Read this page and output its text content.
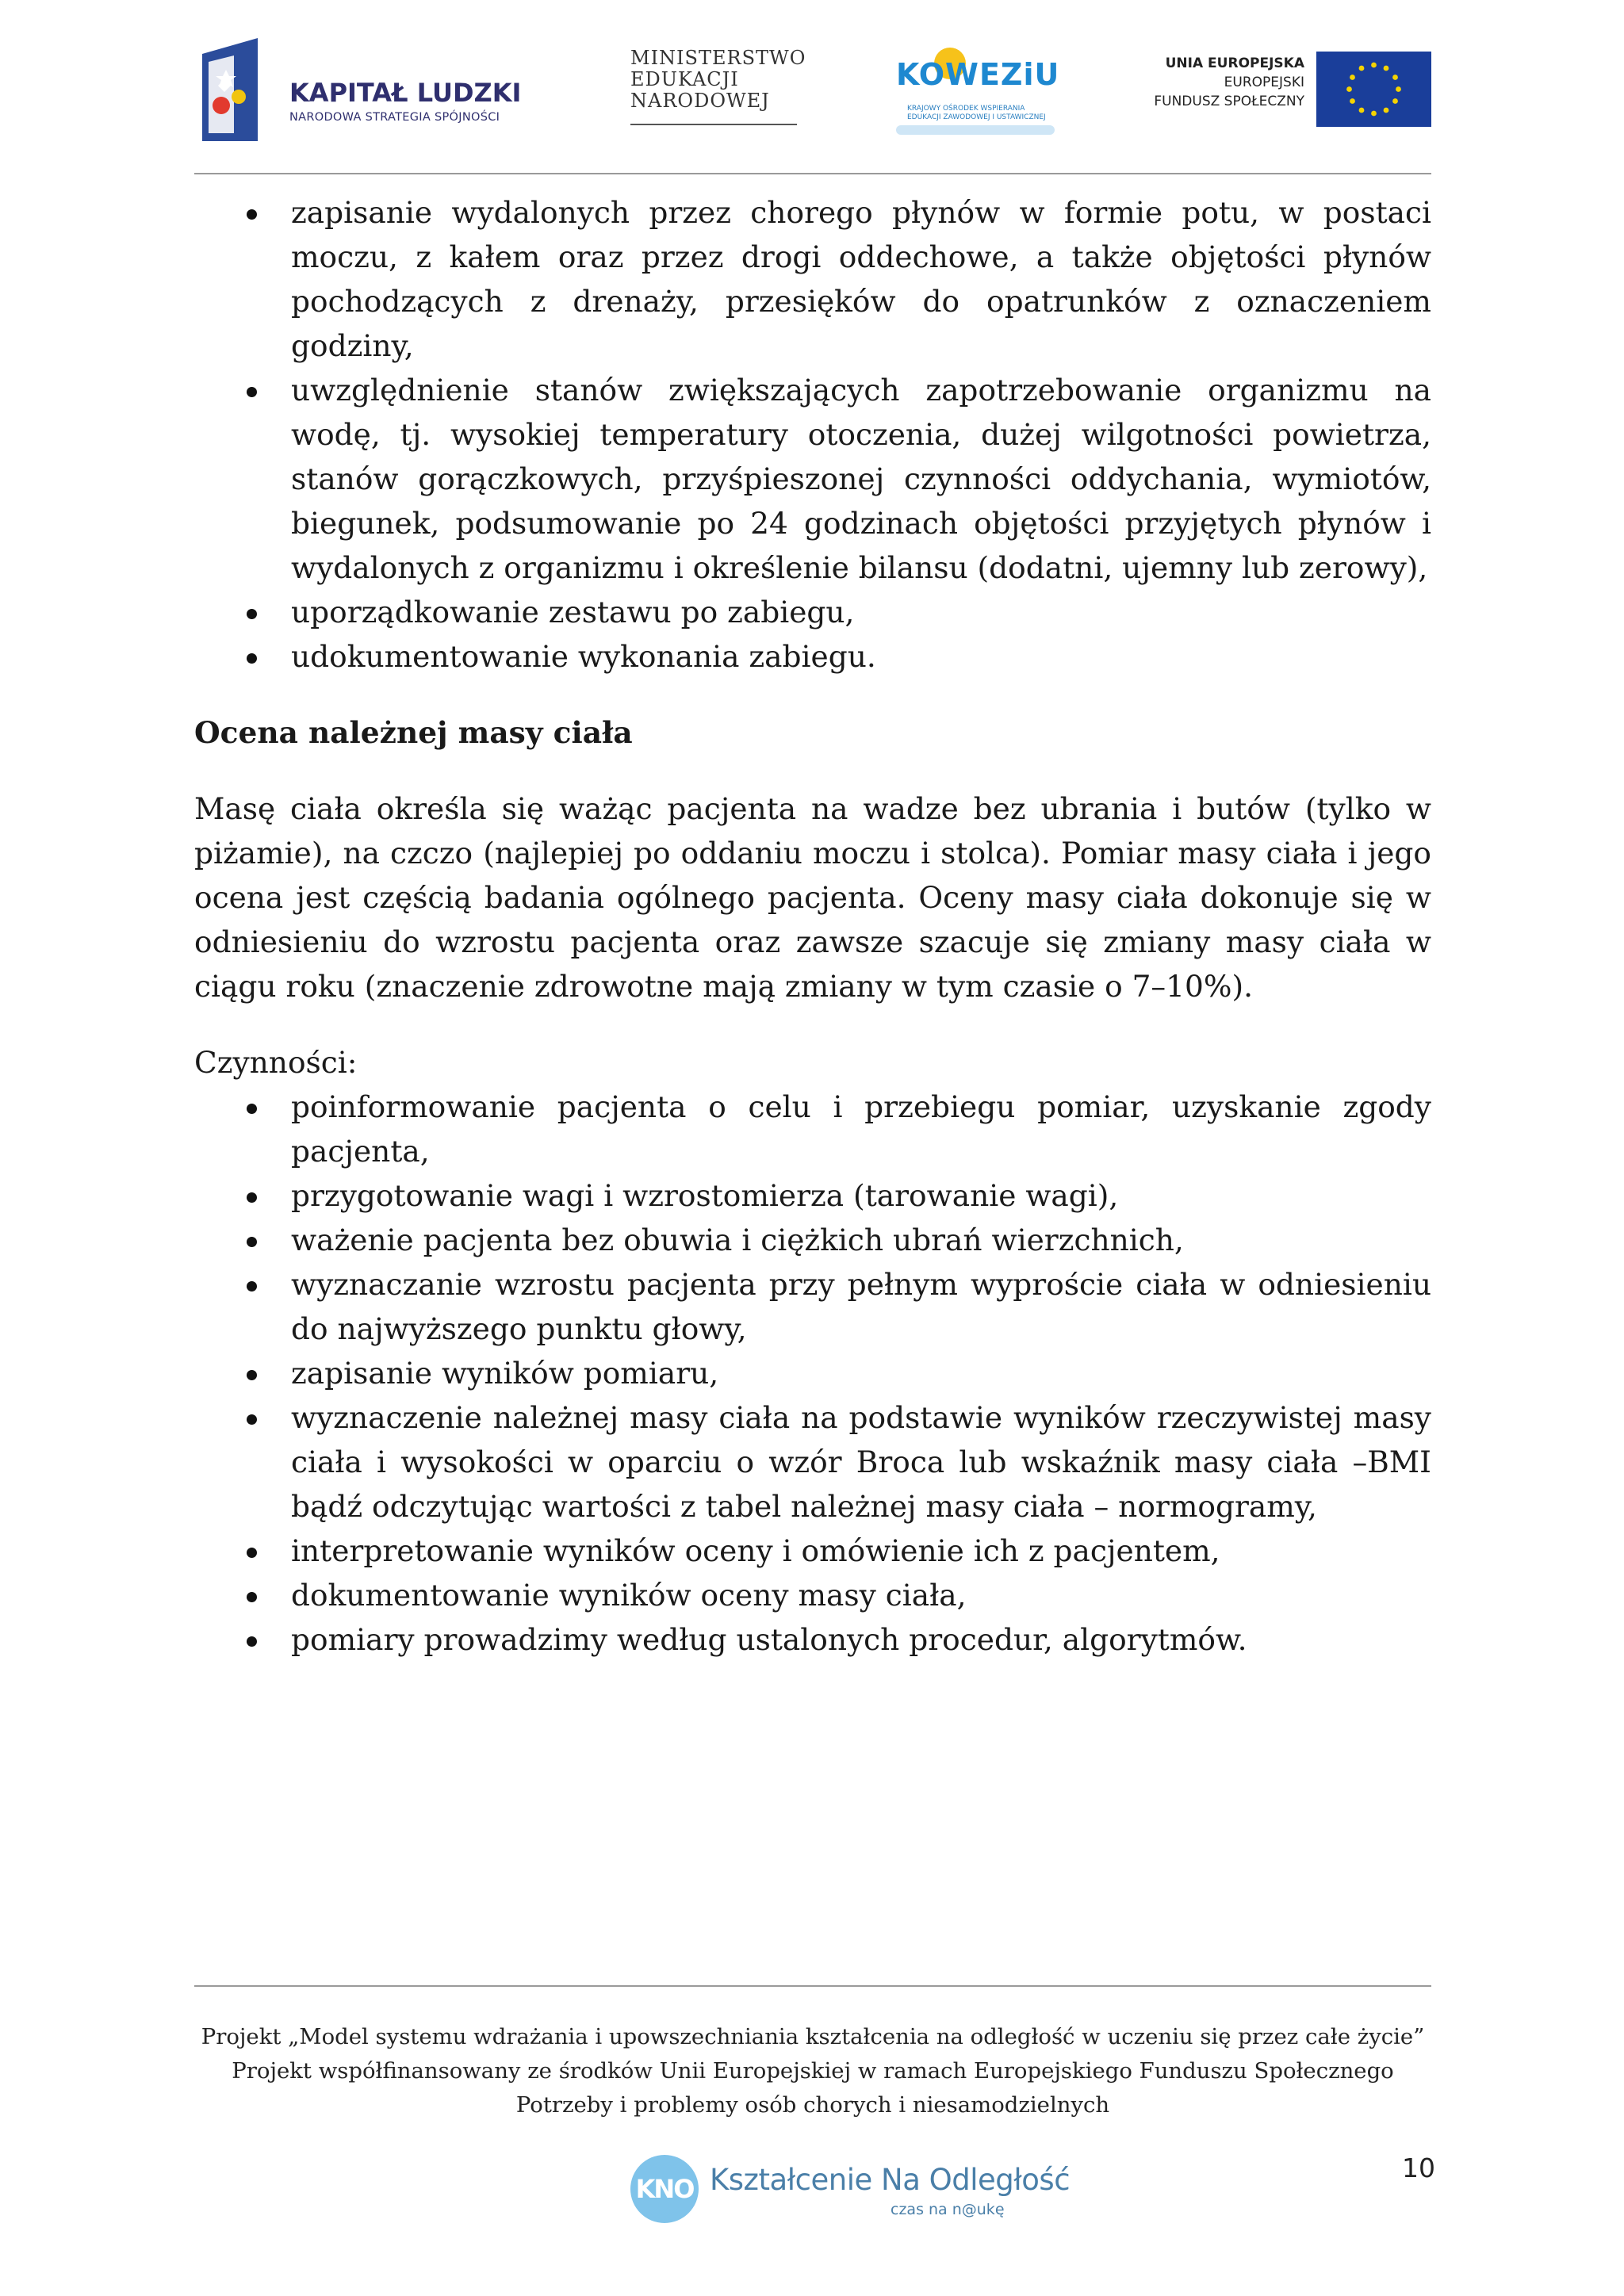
KAPITAŁ LUDZKI
NARODOWA STRATEGIA SPÓJNOŚCI
MINISTERSTWO
EDUKACJI
NARODOWEJ
KOWEZiU
KRAJOWY OŚRODEK WSPIERANIA
EDUKACJI ZAWODOWEJ I USTAWICZNEJ
UNIA EUROPEJSKA
EUROPEJSKI
FUNDUSZ SPOŁECZNY
zapisanie wydalonych przez chorego płynów w formie potu, w postaci moczu, z kałem oraz przez drogi oddechowe, a także objętości płynów pochodzących z drenaży, przesięków do opatrunków z oznaczeniem godziny,
uwzględnienie stanów zwiększających zapotrzebowanie organizmu na wodę, tj. wysokiej temperatury otoczenia, dużej wilgotności powietrza, stanów gorączkowych, przyśpieszonej czynności oddychania, wymiotów, biegunek, podsumowanie po 24 godzinach objętości przyjętych płynów i wydalonych z organizmu i określenie bilansu (dodatni, ujemny lub zerowy),
uporządkowanie zestawu po zabiegu,
udokumentowanie wykonania zabiegu.
Ocena należnej masy ciała
Masę ciała określa się ważąc pacjenta na wadze bez ubrania i butów (tylko w piżamie), na czczo (najlepiej po oddaniu moczu i stolca). Pomiar masy ciała i jego ocena jest częścią badania ogólnego pacjenta. Oceny masy ciała dokonuje się w odniesieniu do wzrostu pacjenta oraz zawsze szacuje się zmiany masy ciała w ciągu roku (znaczenie zdrowotne mają zmiany w tym czasie o 7–10%).
Czynności:
poinformowanie pacjenta o celu i przebiegu pomiar, uzyskanie zgody pacjenta,
przygotowanie wagi i wzrostomierza (tarowanie wagi),
ważenie pacjenta bez obuwia i ciężkich ubrań wierzchnich,
wyznaczanie wzrostu pacjenta przy pełnym wyproście ciała w odniesieniu do najwyższego punktu głowy,
zapisanie wyników pomiaru,
wyznaczenie należnej masy ciała na podstawie wyników rzeczywistej masy ciała i wysokości w oparciu o wzór Broca lub wskaźnik masy ciała –BMI bądź odczytując wartości z tabel należnej masy ciała – normogramy,
interpretowanie wyników oceny i omówienie ich z pacjentem,
dokumentowanie wyników oceny masy ciała,
pomiary prowadzimy według ustalonych procedur, algorytmów.
Projekt „Model systemu wdrażania i upowszechniania kształcenia na odległość w uczeniu się przez całe życie”
Projekt współfinansowany ze środków Unii Europejskiej w ramach Europejskiego Funduszu Społecznego
Potrzeby i problemy osób chorych i niesamodzielnych
KNO Kształcenie Na Odległość
czas na n@ukę
10
